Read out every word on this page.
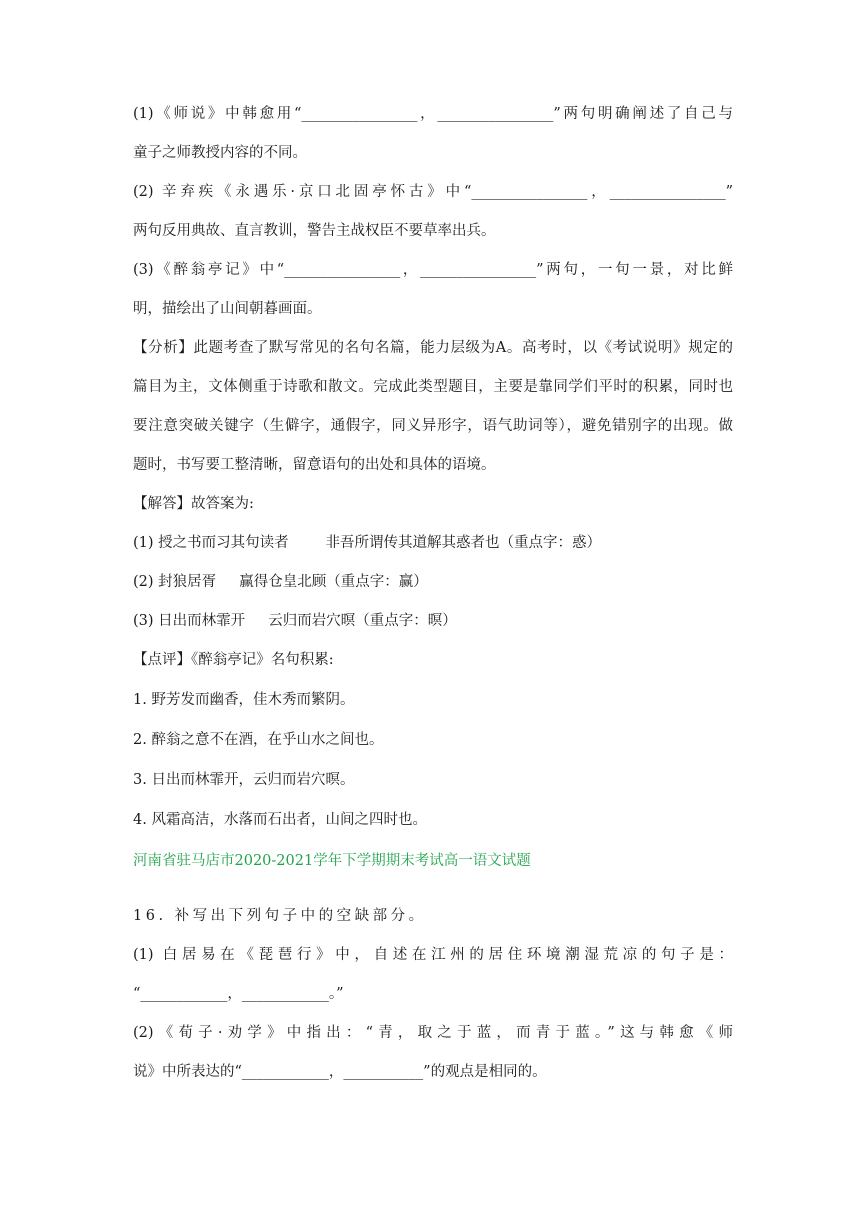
(1)《师说》中韩愈用“________________，________________”两句明确阐述了自己与
童子之师教授内容的不同。
(2) 辛弃疾《永遇乐·京口北固亭怀古》中“________________，________________”
两句反用典故、直言教训，警告主战权臣不要草率出兵。
(3)《醉翁亭记》中“________________，________________”两句，一句一景，对比鲜
明，描绘出了山间朝暮画面。
【分析】此题考查了默写常见的名句名篇，能力层级为A。高考时，以《考试说明》规定的
篇目为主，文体侧重于诗歌和散文。完成此类型题目，主要是靠同学们平时的积累，同时也
要注意突破关键字（生僻字，通假字，同义异形字，语气助词等），避免错别字的出现。做
题时，书写要工整清晰，留意语句的出处和具体的语境。
【解答】故答案为:
(1) 授之书而习其句读者        非吾所谓传其道解其惑者也（重点字：惑）
(2) 封狼居胥     赢得仓皇北顾（重点字：赢）
(3) 日出而林霏开     云归而岩穴暝（重点字：暝）
【点评】《醉翁亭记》名句积累:
1. 野芳发而幽香，佳木秀而繁阴。
2. 醉翁之意不在酒，在乎山水之间也。
3. 日出而林霏开，云归而岩穴暝。
4. 风霜高洁，水落而石出者，山间之四时也。
河南省驻马店市2020-2021学年下学期期末考试高一语文试题
16. 补写出下列句子中的空缺部分。
(1) 白居易在《琵琶行》中，自述在江州的居住环境潮湿荒凉的句子是：
“____________，____________。”
(2)《荀子·劝学》中指出：“青，取之于蓝，而青于蓝。”这与韩愈《师
说》中所表达的“____________，___________”的观点是相同的。
